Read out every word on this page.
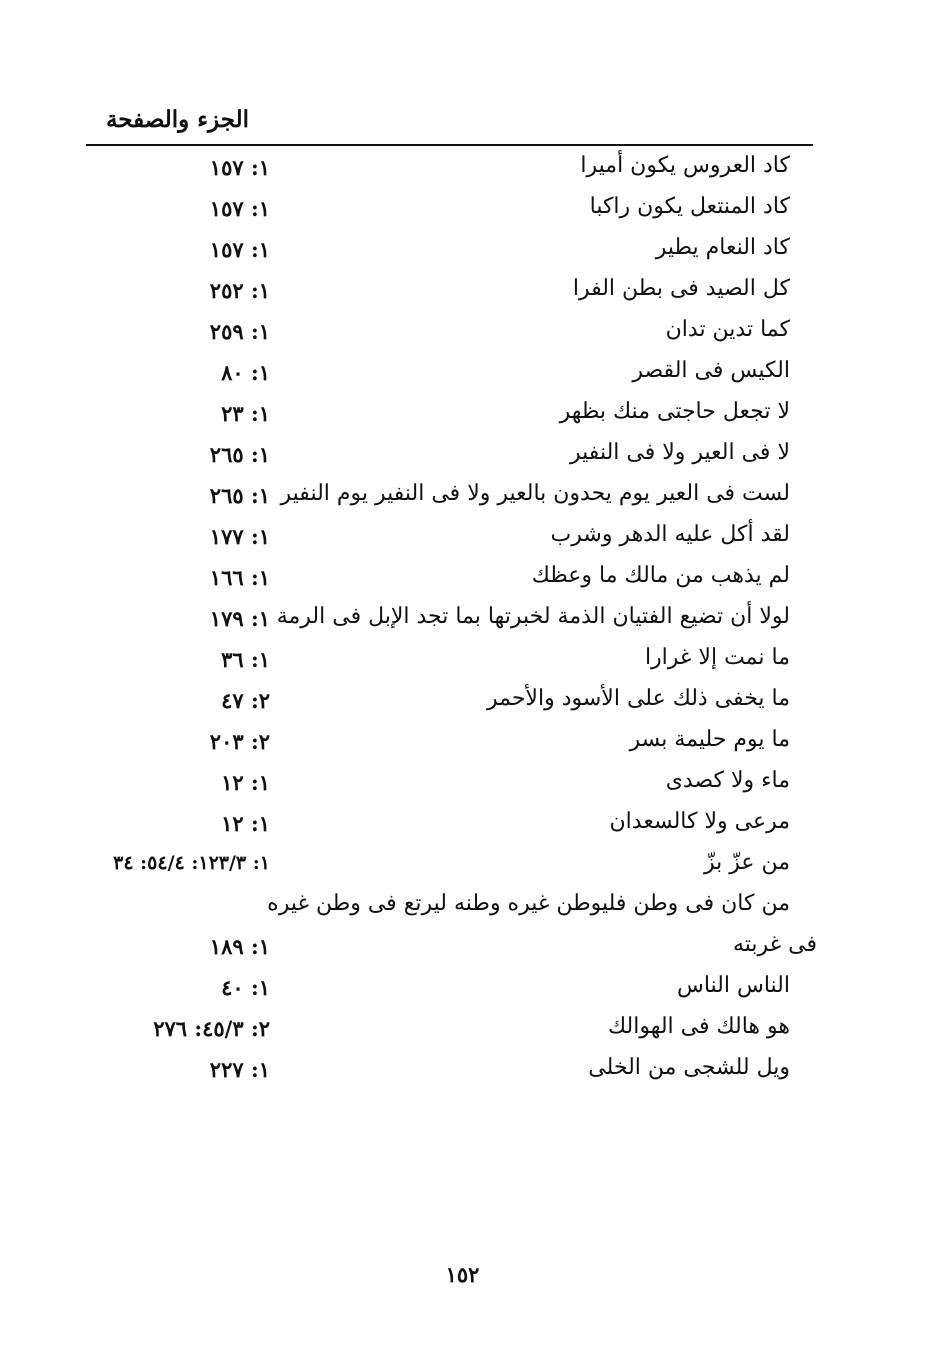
الجزء والصفحة
كاد العروس يكون أميرا
١: ١٥٧
كاد المنتعل يكون راكبا
١: ١٥٧
كاد النعام يطير
١: ١٥٧
كل الصيد فى بطن الفرا
١: ٢٥٢
كما تدين تدان
١: ٢٥٩
الكيس فى القصر
١: ٨٠
لا تجعل حاجتى منك بظهر
١: ٢٣
لا فى العير ولا فى النفير
١: ٢٦٥
لست فى العير يوم يحدون بالعير ولا فى النفير يوم النفير
١: ٢٦٥
لقد أكل عليه الدهر وشرب
١: ١٧٧
لم يذهب من مالك ما وعظك
١: ١٦٦
لولا أن تضيع الفتيان الذمة لخبرتها بما تجد الإبل فى الرمة
١: ١٧٩
ما نمت إلا غرارا
١: ٣٦
ما يخفى ذلك على الأسود والأحمر
٢: ٤٧
ما يوم حليمة بسر
٢: ٢٠٣
ماء ولا كصدى
١: ١٢
مرعى ولا كالسعدان
١: ١٢
من عزّ بزّ
١: ١٢٣/٣: ٥٤/٤: ٣٤
من كان فى وطن فليوطن غيره وطنه ليرتع فى وطن غيره
فى غربته
١: ١٨٩
الناس الناس
١: ٤٠
هو هالك فى الهوالك
٢: ٤٥/٣: ٢٧٦
ويل للشجى من الخلى
١: ٢٢٧
١٥٢
